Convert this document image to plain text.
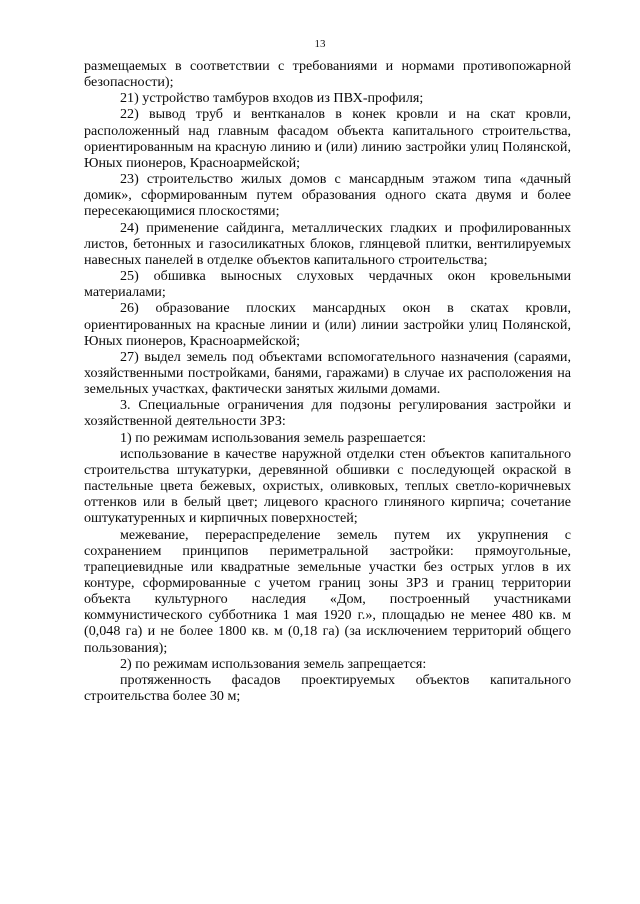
13

размещаемых в соответствии с требованиями и нормами противопожарной безопасности);

21) устройство тамбуров входов из ПВХ-профиля;

22) вывод труб и вентканалов в конек кровли и на скат кровли, расположенный над главным фасадом объекта капитального строительства, ориентированным на красную линию и (или) линию застройки улиц Полянской, Юных пионеров, Красноармейской;

23) строительство жилых домов с мансардным этажом типа «дачный домик», сформированным путем образования одного ската двумя и более пересекающимися плоскостями;

24) применение сайдинга, металлических гладких и профилированных листов, бетонных и газосиликатных блоков, глянцевой плитки, вентилируемых навесных панелей в отделке объектов капитального строительства;

25) обшивка выносных слуховых чердачных окон кровельными материалами;

26) образование плоских мансардных окон в скатах кровли, ориентированных на красные линии и (или) линии застройки улиц Полянской, Юных пионеров, Красноармейской;

27) выдел земель под объектами вспомогательного назначения (сараями, хозяйственными постройками, банями, гаражами) в случае их расположения на земельных участках, фактически занятых жилыми домами.

3. Специальные ограничения для подзоны регулирования застройки и хозяйственной деятельности ЗРЗ:

1) по режимам использования земель разрешается:

использование в качестве наружной отделки стен объектов капитального строительства штукатурки, деревянной обшивки с последующей окраской в пастельные цвета бежевых, охристых, оливковых, теплых светло-коричневых оттенков или в белый цвет; лицевого красного глиняного кирпича; сочетание оштукатуренных и кирпичных поверхностей;

межевание, перераспределение земель путем их укрупнения с сохранением принципов периметральной застройки: прямоугольные, трапециевидные или квадратные земельные участки без острых углов в их контуре, сформированные с учетом границ зоны ЗРЗ и границ территории объекта культурного наследия «Дом, построенный участниками коммунистического субботника 1 мая 1920 г.», площадью не менее 480 кв. м (0,048 га) и не более 1800 кв. м (0,18 га) (за исключением территорий общего пользования);

2) по режимам использования земель запрещается:

протяженность фасадов проектируемых объектов капитального строительства более 30 м;
